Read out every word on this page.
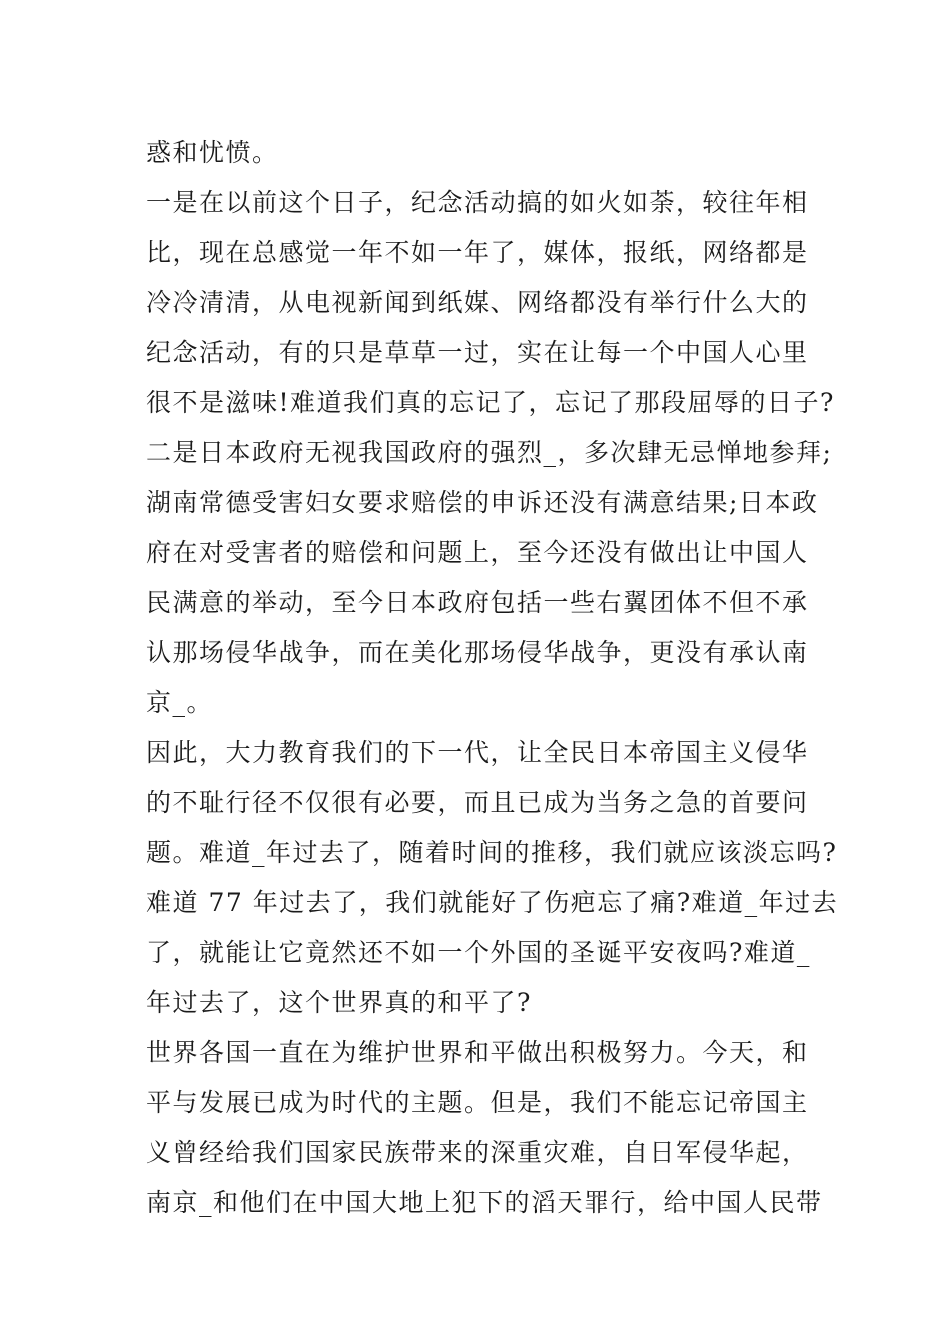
惑和忧愤。
一是在以前这个日子，纪念活动搞的如火如荼，较往年相
比，现在总感觉一年不如一年了，媒体，报纸，网络都是
冷冷清清，从电视新闻到纸媒、网络都没有举行什么大的
纪念活动，有的只是草草一过，实在让每一个中国人心里
很不是滋味!难道我们真的忘记了，忘记了那段屈辱的日子?
二是日本政府无视我国政府的强烈_，多次肆无忌惮地参拜;
湖南常德受害妇女要求赔偿的申诉还没有满意结果;日本政
府在对受害者的赔偿和问题上，至今还没有做出让中国人
民满意的举动，至今日本政府包括一些右翼团体不但不承
认那场侵华战争，而在美化那场侵华战争，更没有承认南
京_。
因此，大力教育我们的下一代，让全民日本帝国主义侵华
的不耻行径不仅很有必要，而且已成为当务之急的首要问
题。难道_年过去了，随着时间的推移，我们就应该淡忘吗?
难道 77 年过去了，我们就能好了伤疤忘了痛?难道_年过去
了，就能让它竟然还不如一个外国的圣诞平安夜吗?难道_
年过去了，这个世界真的和平了?
世界各国一直在为维护世界和平做出积极努力。今天，和
平与发展已成为时代的主题。但是，我们不能忘记帝国主
义曾经给我们国家民族带来的深重灾难，自日军侵华起，
南京_和他们在中国大地上犯下的滔天罪行，给中国人民带
